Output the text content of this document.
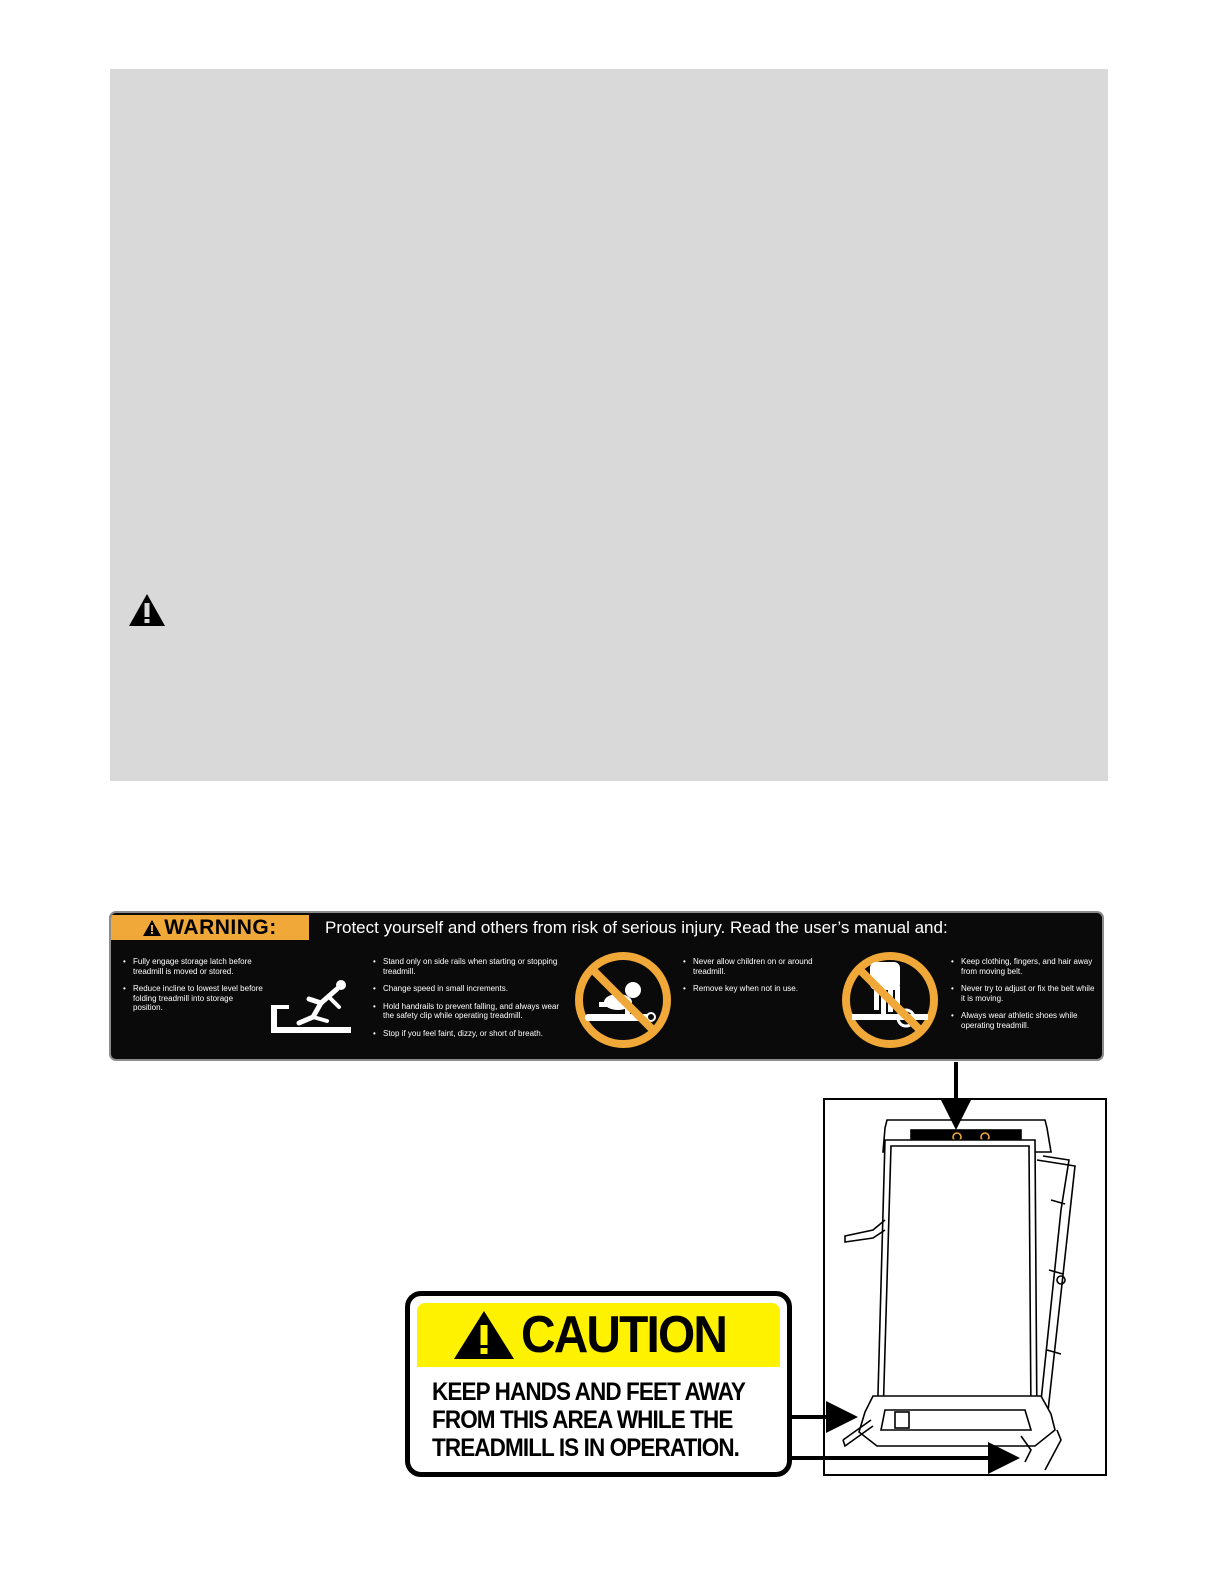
WARNING:	Protect yourself and others from risk of serious injury. Read the user’s manual and:
• Fully engage storage latch before treadmill is moved or stored.
• Reduce incline to lowest level before folding treadmill into storage position.
• Stand only on side rails when starting or stopping treadmill.
• Change speed in small increments.
• Hold handrails to prevent falling, and always wear the safety clip while operating treadmill.
• Stop if you feel faint, dizzy, or short of breath.
• Never allow children on or around treadmill.
• Remove key when not in use.
• Keep clothing, fingers, and hair away from moving belt.
• Never try to adjust or fix the belt while it is moving.
• Always wear athletic shoes while operating treadmill.
CAUTION
KEEP HANDS AND FEET AWAY
FROM THIS AREA WHILE THE
TREADMILL IS IN OPERATION.
